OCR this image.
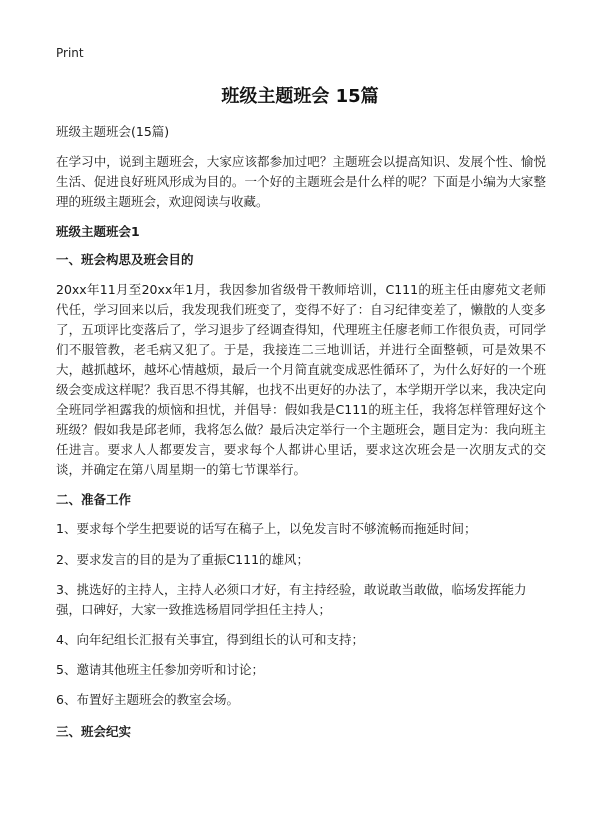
Print
班级主题班会 15篇
班级主题班会(15篇)
在学习中，说到主题班会，大家应该都参加过吧？主题班会以提高知识、发展个性、愉悦生活、促进良好班风形成为目的。一个好的主题班会是什么样的呢？下面是小编为大家整理的班级主题班会，欢迎阅读与收藏。
班级主题班会1
一、班会构思及班会目的
20xx年11月至20xx年1月，我因参加省级骨干教师培训，C111的班主任由廖苑文老师代任，学习回来以后，我发现我们班变了，变得不好了：自习纪律变差了，懒散的人变多了，五项评比变落后了，学习退步了经调查得知，代理班主任廖老师工作很负责，可同学们不服管教，老毛病又犯了。于是，我接连二三地训话，并进行全面整顿，可是效果不大，越抓越坏，越坏心情越烦，最后一个月简直就变成恶性循环了，为什么好好的一个班级会变成这样呢？我百思不得其解，也找不出更好的办法了，本学期开学以来，我决定向全班同学袒露我的烦恼和担忧，并倡导：假如我是C111的班主任，我将怎样管理好这个班级？假如我是邱老师，我将怎么做？最后决定举行一个主题班会，题目定为：我向班主任进言。要求人人都要发言，要求每个人都讲心里话，要求这次班会是一次朋友式的交谈，并确定在第八周星期一的第七节课举行。
二、准备工作
1、要求每个学生把要说的话写在稿子上，以免发言时不够流畅而拖延时间；
2、要求发言的目的是为了重振C111的雄风；
3、挑选好的主持人，主持人必须口才好，有主持经验，敢说敢当敢做，临场发挥能力强，口碑好，大家一致推选杨眉同学担任主持人；
4、向年纪组长汇报有关事宜，得到组长的认可和支持；
5、邀请其他班主任参加旁听和讨论；
6、布置好主题班会的教室会场。
三、班会纪实
